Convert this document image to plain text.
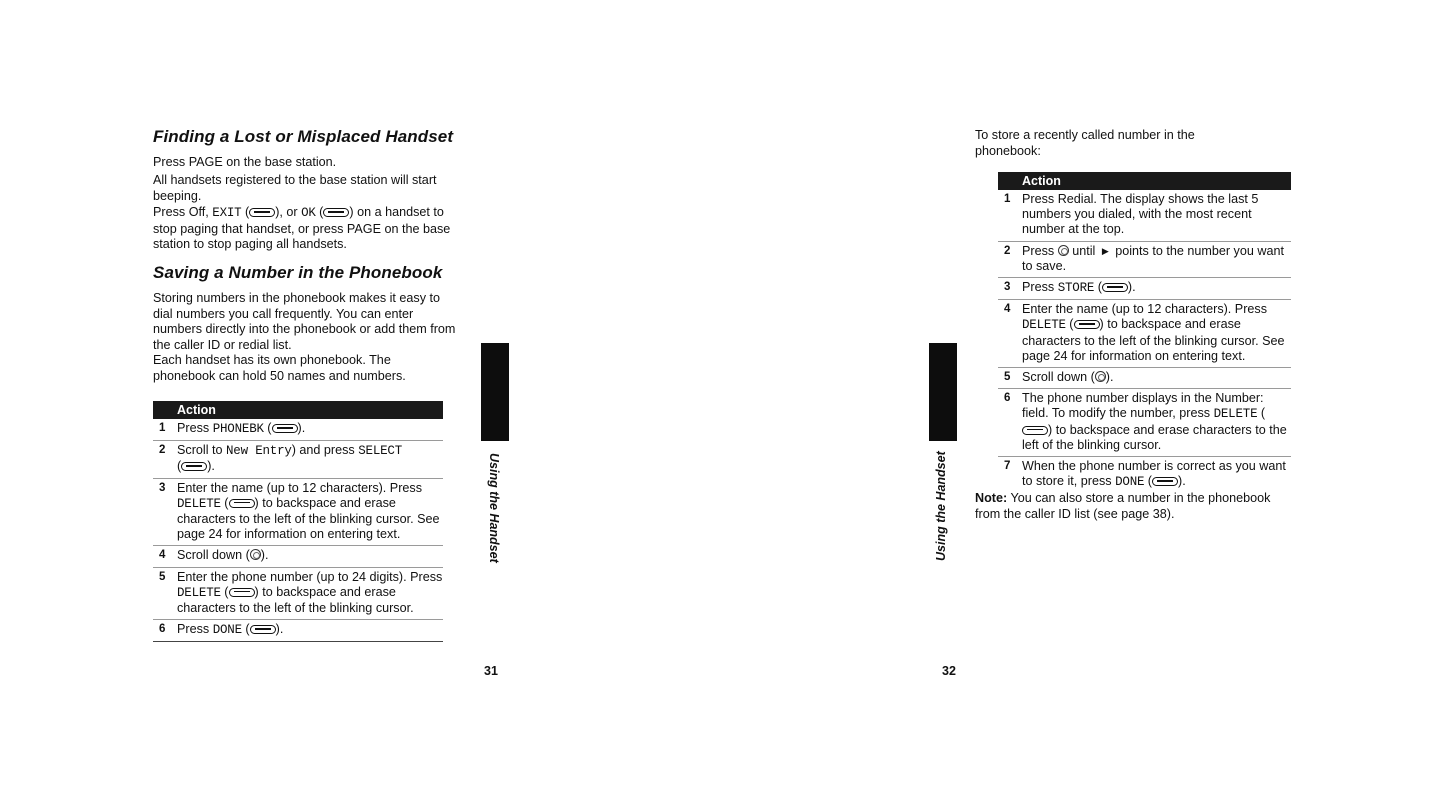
Finding a Lost or Misplaced Handset

Press PAGE on the base station.

All handsets registered to the base station will start beeping.

Press Off, EXIT ( ), or OK ( ) on a handset to stop paging that handset, or press PAGE on the base station to stop paging all handsets.

Saving a Number in the Phonebook

Storing numbers in the phonebook makes it easy to dial numbers you call frequently. You can enter numbers directly into the phonebook or add them from the caller ID or redial list.

Each handset has its own phonebook. The phonebook can hold 50 names and numbers.

Action
1 Press PHONEBK ( ).
2 Scroll to New Entry) and press SELECT
( ).
3 Enter the name (up to 12 characters). Press DELETE ( ) to backspace and erase characters to the left of the blinking cursor. See page 24 for information on entering text.
4 Scroll down ( ).
5 Enter the phone number (up to 24 digits). Press DELETE ( ) to backspace and erase characters to the left of the blinking cursor.
6 Press DONE ( ).
Using the Handset
31

To store a recently called number in the phonebook:

Action
1 Press Redial. The display shows the last 5 numbers you dialed, with the most recent number at the top.
2 Press  until ▶ points to the number you want to save.
3 Press STORE ( ).
4 Enter the name (up to 12 characters). Press DELETE ( ) to backspace and erase characters to the left of the blinking cursor. See page 24 for information on entering text.
5 Scroll down ( ).
6 The phone number displays in the Number: field. To modify the number, press DELETE () to backspace and erase characters to the left of the blinking cursor.
7 When the phone number is correct as you want to store it, press DONE ( ).

Note: You can also store a number in the phonebook from the caller ID list (see page 38).

Using the Handset
32
